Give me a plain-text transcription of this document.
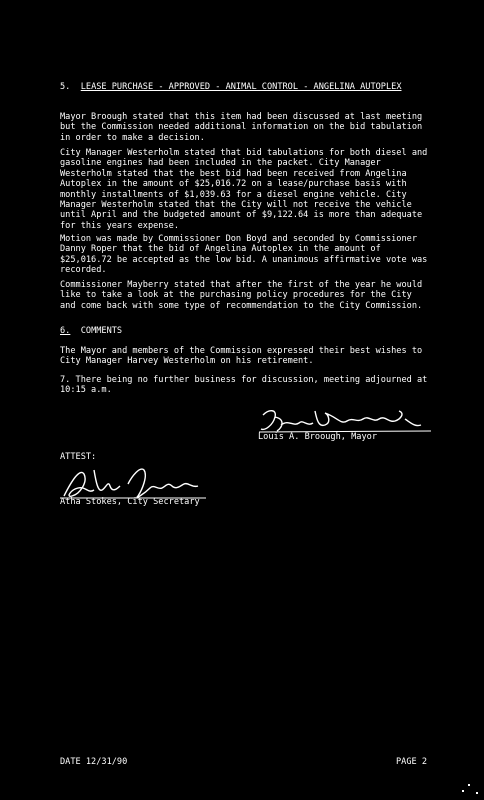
5. LEASE PURCHASE - APPROVED - ANIMAL CONTROL - ANGELINA AUTOPLEX
Mayor Broough stated that this item had been discussed at last meeting but the Commission needed additional information on the bid tabulation in order to make a decision.
City Manager Westerholm stated that bid tabulations for both diesel and gasoline engines had been included in the packet. City Manager Westerholm stated that the best bid had been received from Angelina Autoplex in the amount of $25,016.72 on a lease/purchase basis with monthly installments of $1,039.63 for a diesel engine vehicle. City Manager Westerholm stated that the City will not receive the vehicle until April and the budgeted amount of $9,122.64 is more than adequate for this years expense.
Motion was made by Commissioner Don Boyd and seconded by Commissioner Danny Roper that the bid of Angelina Autoplex in the amount of $25,016.72 be accepted as the low bid. A unanimous affirmative vote was recorded.
Commissioner Mayberry stated that after the first of the year he would like to take a look at the purchasing policy procedures for the City and come back with some type of recommendation to the City Commission.
6. COMMENTS
The Mayor and members of the Commission expressed their best wishes to City Manager Harvey Westerholm on his retirement.
7. There being no further business for discussion, meeting adjourned at 10:15 a.m.
Louis A. Broough, Mayor
ATTEST:
Atha Stokes, City Secretary
DATE 12/31/90	PAGE 2
